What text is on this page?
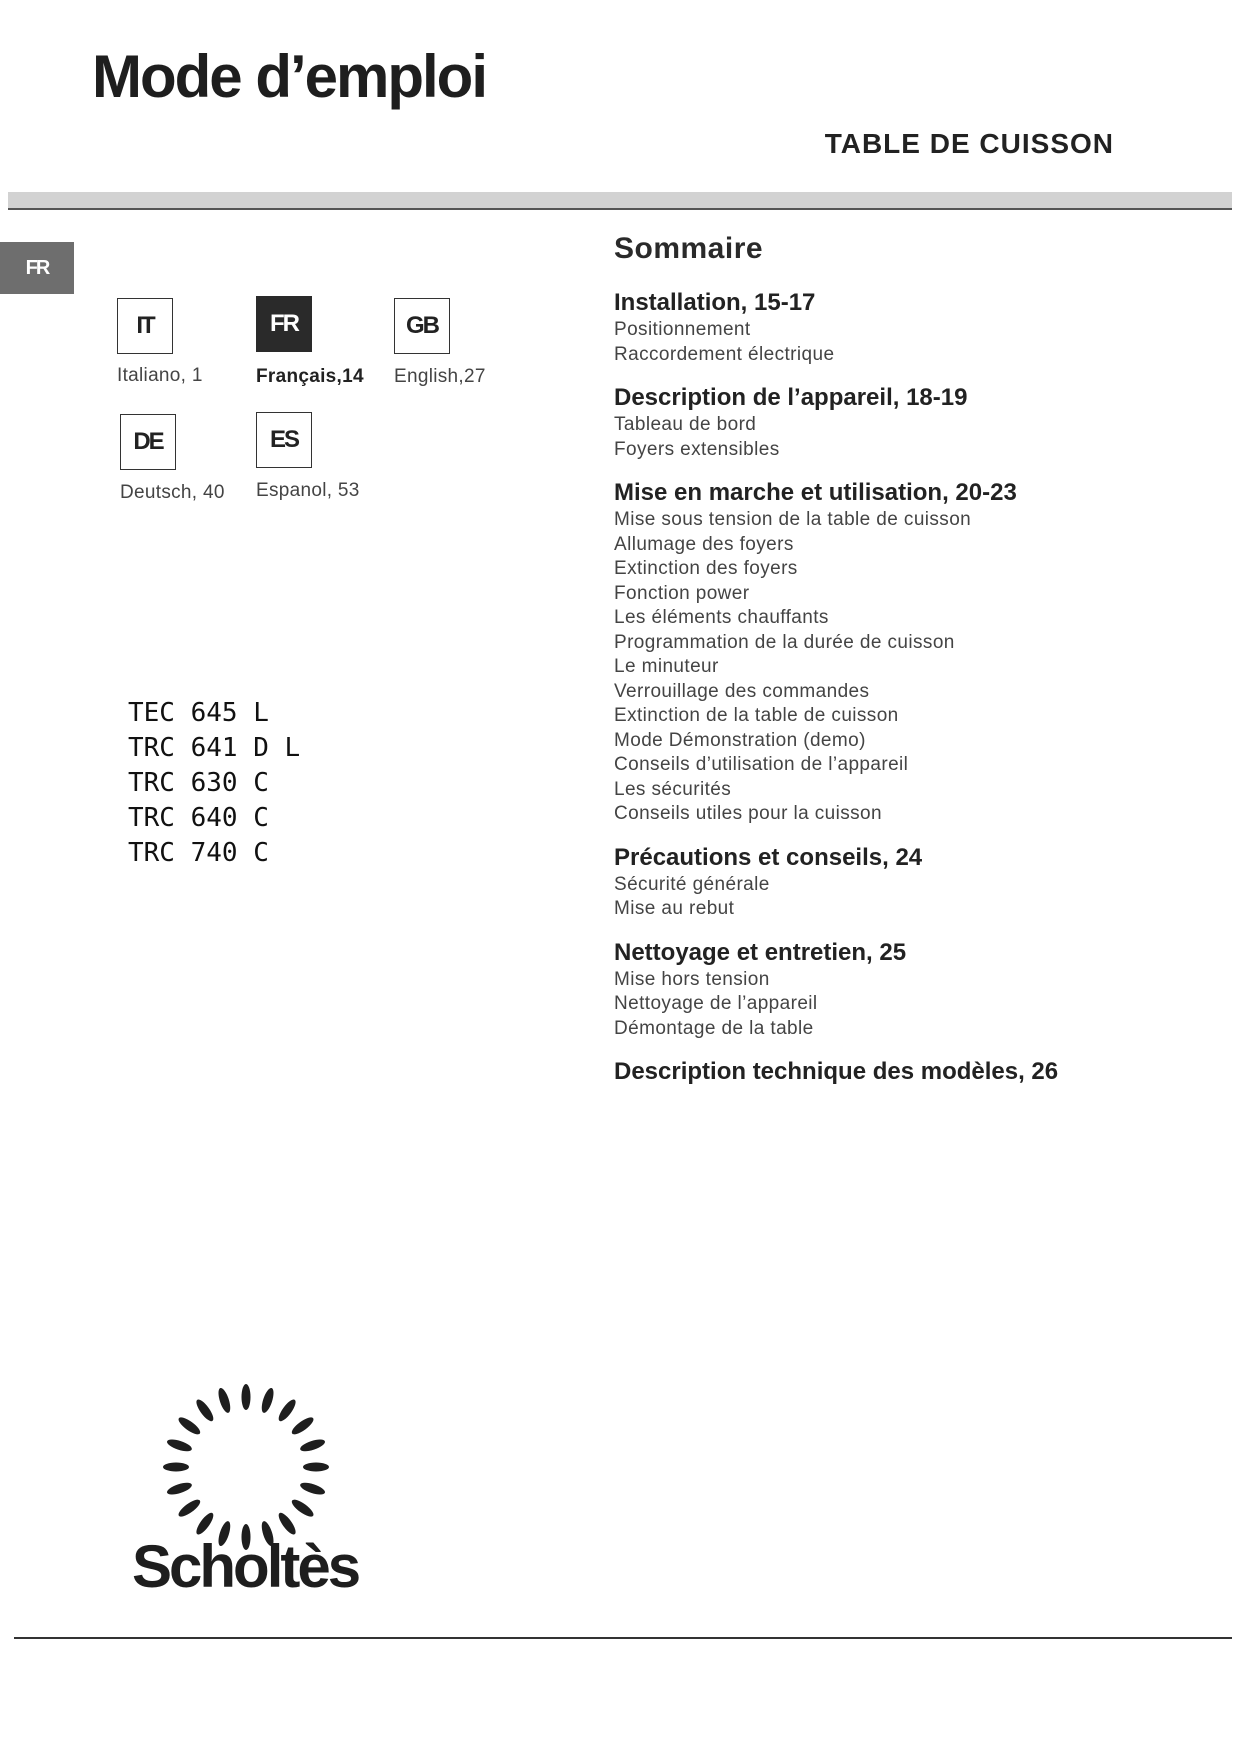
Mode d’emploi
TABLE DE CUISSON
FR
IT	FR	GB
Italiano, 1	Français,14 English,27
DE	ES
Deutsch, 40 Espanol, 53
TEC 645 L
TRC 641 D L
TRC 630 C
TRC 640 C
TRC 740 C
Sommaire
Installation, 15-17
Positionnement
Raccordement électrique
Description de l’appareil, 18-19
Tableau de bord
Foyers extensibles
Mise en marche et utilisation, 20-23
Mise sous tension de la table de cuisson
Allumage des foyers
Extinction des foyers
Fonction power
Les éléments chauffants
Programmation de la durée de cuisson
Le minuteur
Verrouillage des commandes
Extinction de la table de cuisson
Mode Démonstration (demo)
Conseils d’utilisation de l’appareil
Les sécurités
Conseils utiles pour la cuisson
Précautions et conseils, 24
Sécurité générale
Mise au rebut
Nettoyage et entretien, 25
Mise hors tension
Nettoyage de l’appareil
Démontage de la table
Description technique des modèles, 26
Scholtès
